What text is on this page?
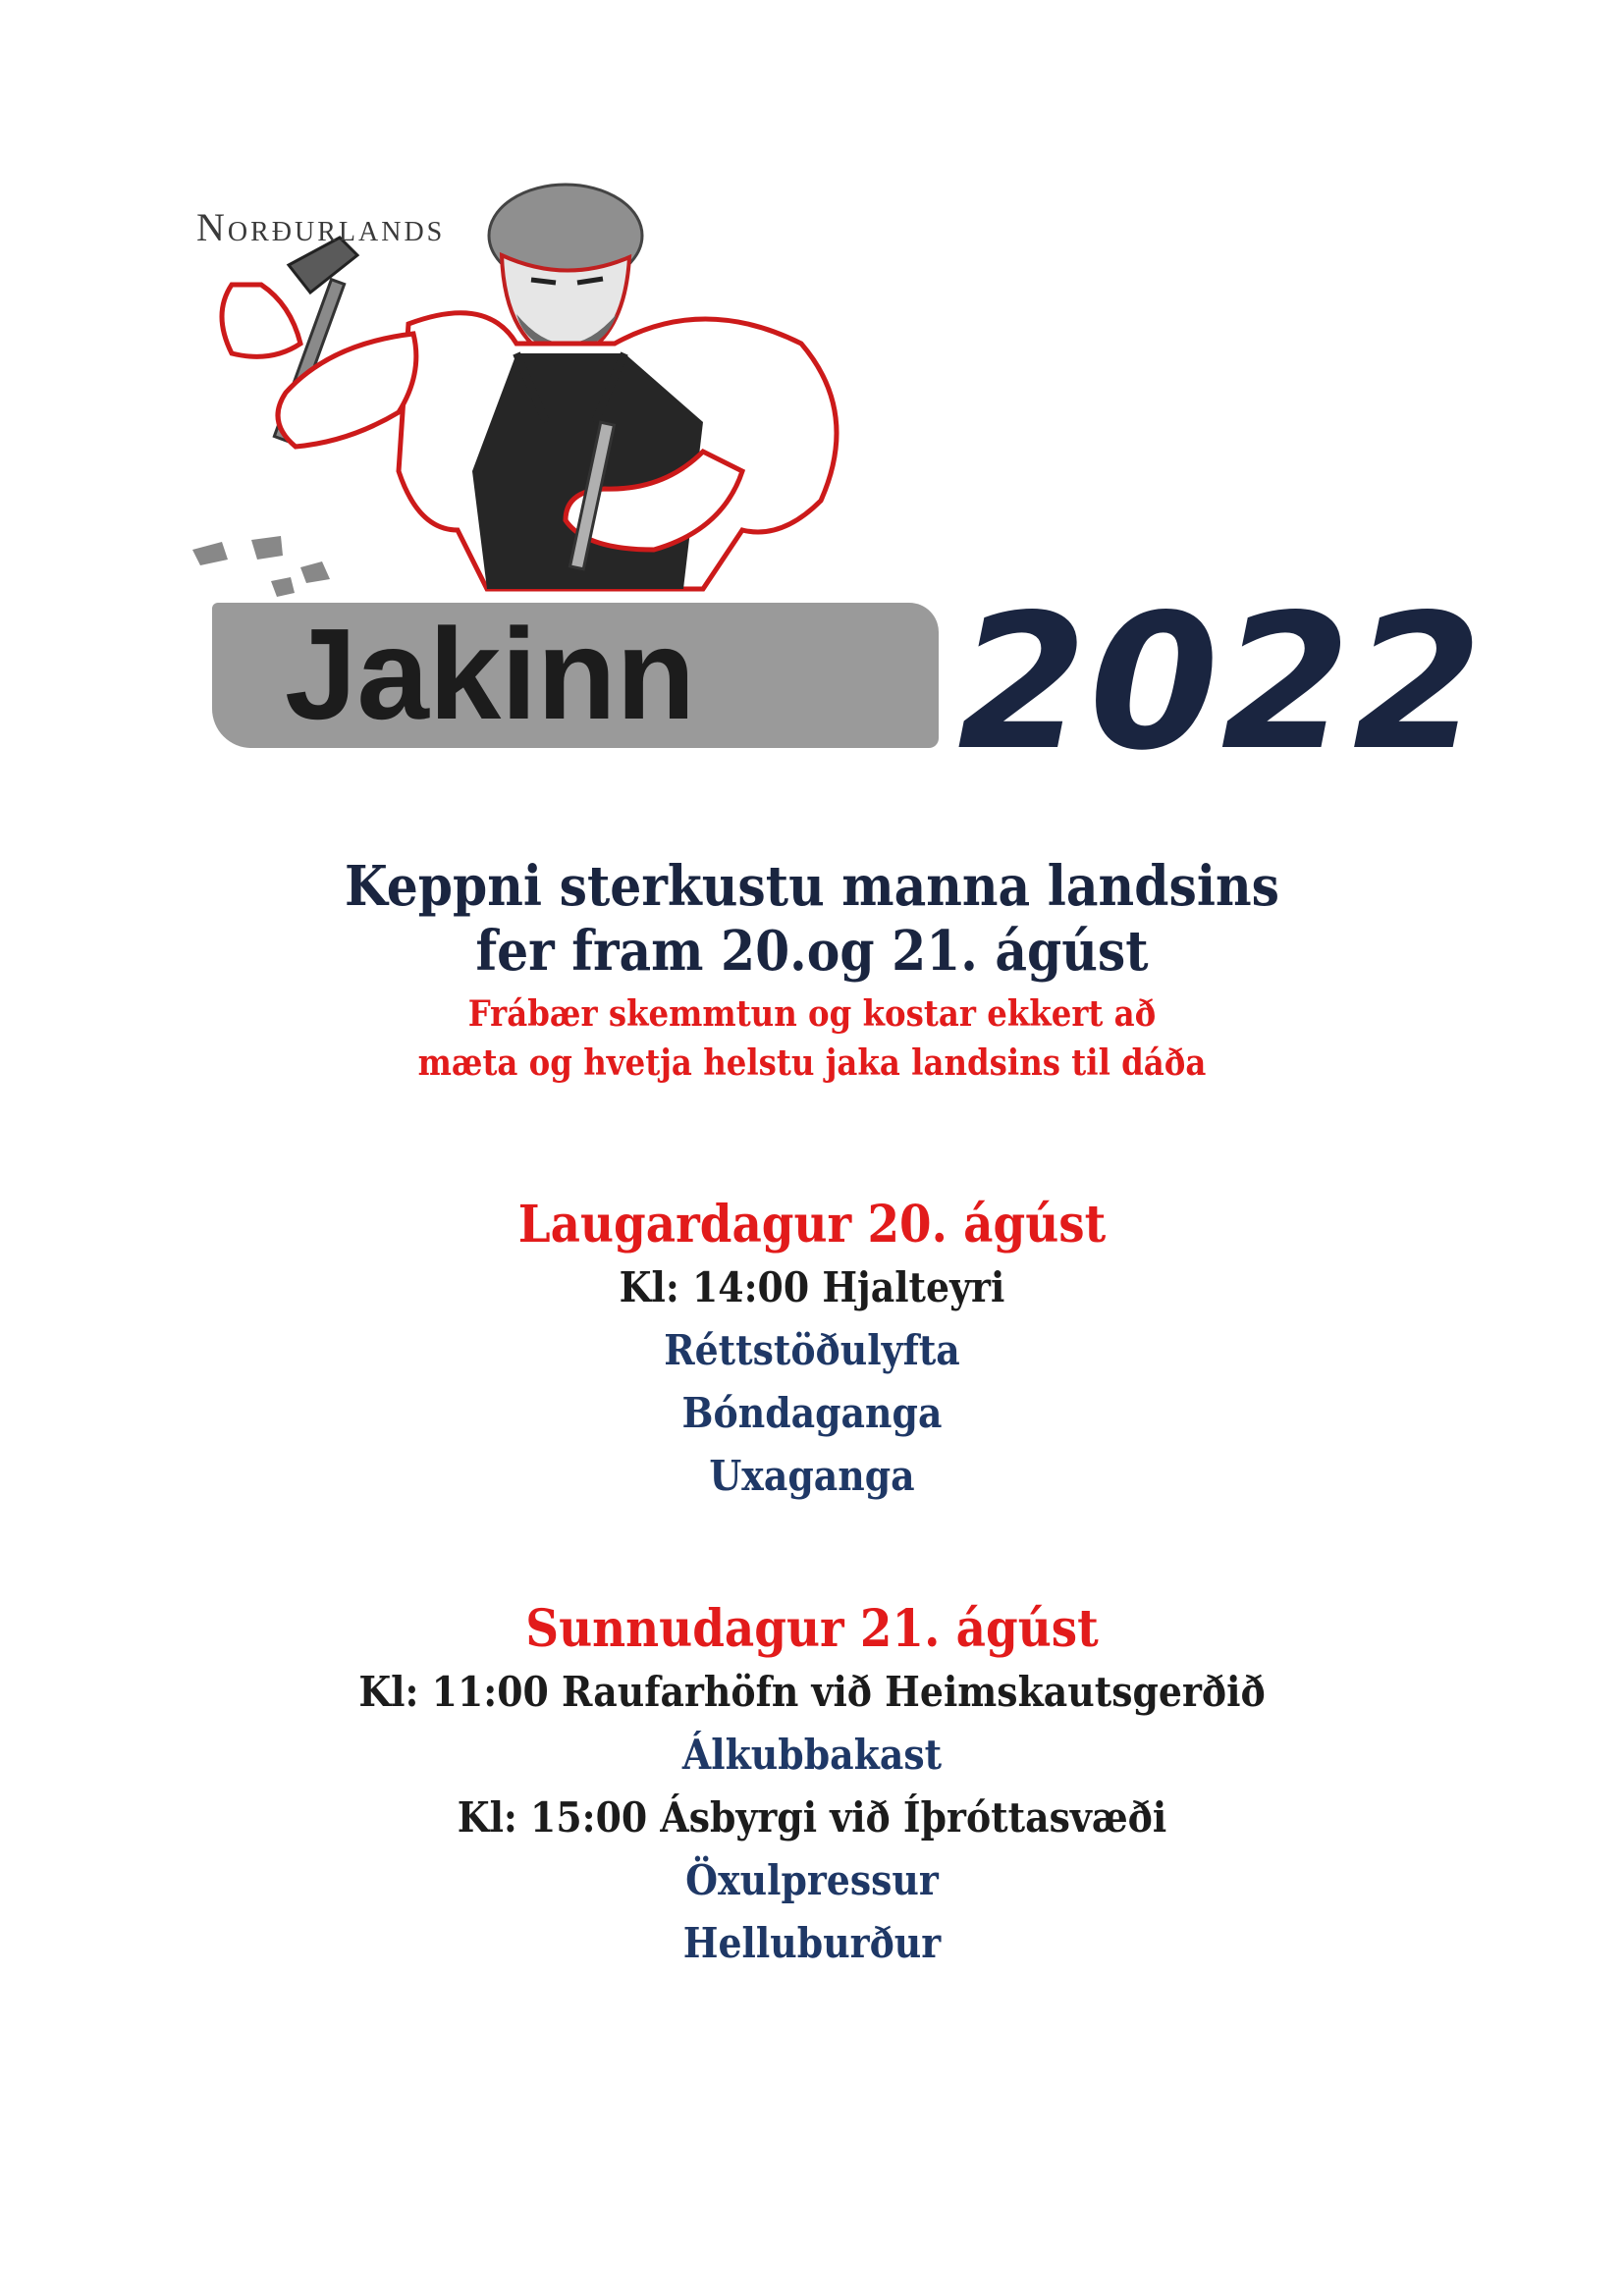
Norðurlands
Jakinn 2022
Keppni sterkustu manna landsins
fer fram 20.og 21. ágúst
Frábær skemmtun og kostar ekkert að
mæta og hvetja helstu jaka landsins til dáða
Laugardagur 20. ágúst
Kl: 14:00 Hjalteyri
Réttstöðulyfta
Bóndaganga
Uxaganga
Sunnudagur 21. ágúst
Kl: 11:00 Raufarhöfn við Heimskautsgerðið
Álkubbakast
Kl: 15:00 Ásbyrgi við Íþróttasvæði
Öxulpressur
Helluburður
